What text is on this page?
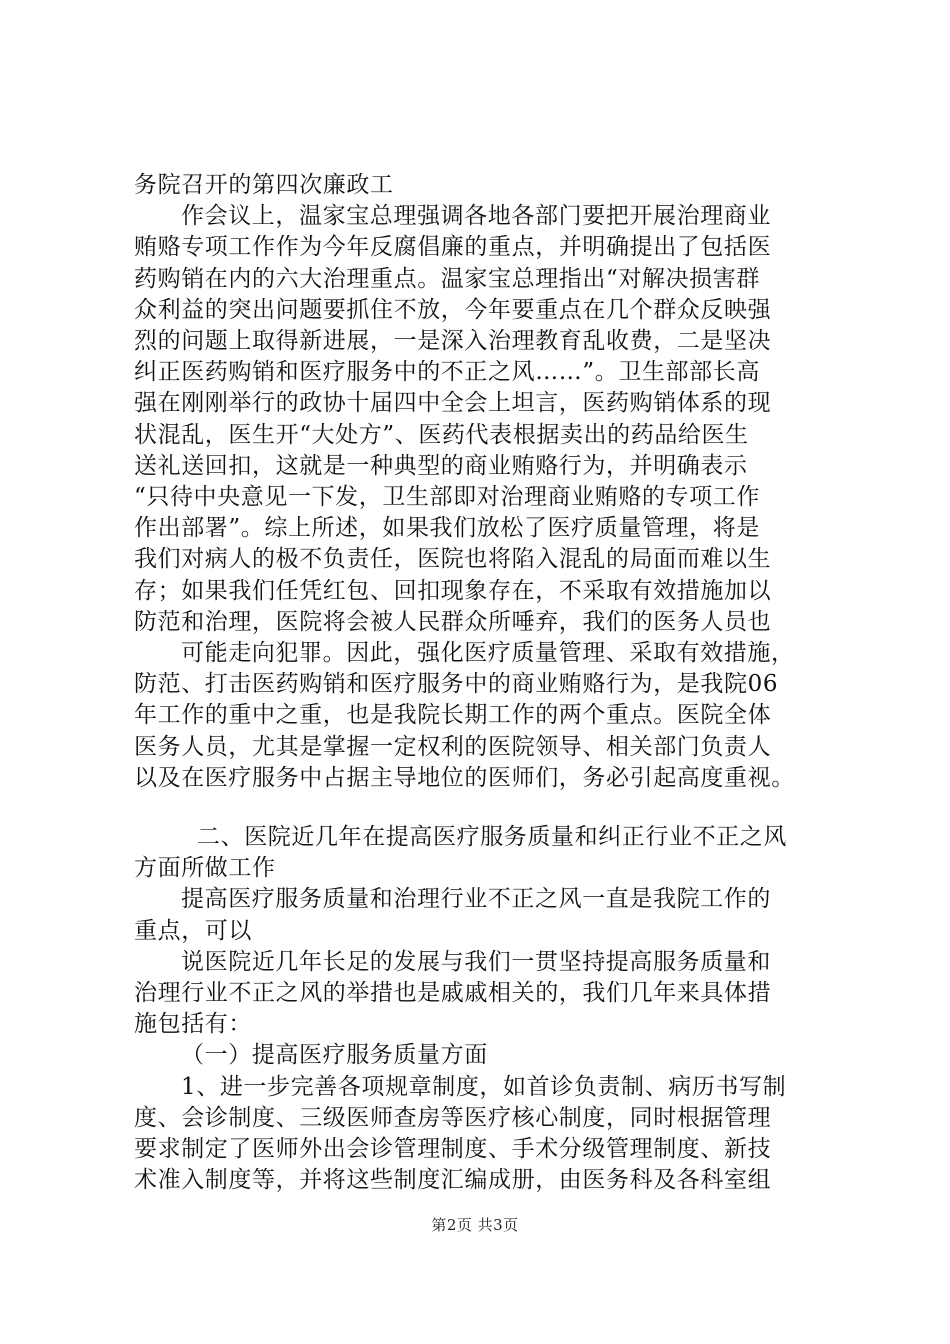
务院召开的第四次廉政工
作会议上，温家宝总理强调各地各部门要把开展治理商业
贿赂专项工作作为今年反腐倡廉的重点，并明确提出了包括医
药购销在内的六大治理重点。温家宝总理指出“对解决损害群
众利益的突出问题要抓住不放，今年要重点在几个群众反映强
烈的问题上取得新进展，一是深入治理教育乱收费，二是坚决
纠正医药购销和医疗服务中的不正之风……”。卫生部部长高
强在刚刚举行的政协十届四中全会上坦言，医药购销体系的现
状混乱，医生开“大处方”、医药代表根据卖出的药品给医生
送礼送回扣，这就是一种典型的商业贿赂行为，并明确表示
“只待中央意见一下发，卫生部即对治理商业贿赂的专项工作
作出部署”。综上所述，如果我们放松了医疗质量管理，将是
我们对病人的极不负责任，医院也将陷入混乱的局面而难以生
存；如果我们任凭红包、回扣现象存在，不采取有效措施加以
防范和治理，医院将会被人民群众所唾弃，我们的医务人员也
可能走向犯罪。因此，强化医疗质量管理、采取有效措施，
防范、打击医药购销和医疗服务中的商业贿赂行为，是我院06
年工作的重中之重，也是我院长期工作的两个重点。医院全体
医务人员，尤其是掌握一定权利的医院领导、相关部门负责人
以及在医疗服务中占据主导地位的医师们，务必引起高度重视。
二、医院近几年在提高医疗服务质量和纠正行业不正之风
方面所做工作
提高医疗服务质量和治理行业不正之风一直是我院工作的
重点，可以
说医院近几年长足的发展与我们一贯坚持提高服务质量和
治理行业不正之风的举措也是戚戚相关的，我们几年来具体措
施包括有：
（一）提高医疗服务质量方面
1、进一步完善各项规章制度，如首诊负责制、病历书写制
度、会诊制度、三级医师查房等医疗核心制度，同时根据管理
要求制定了医师外出会诊管理制度、手术分级管理制度、新技
术准入制度等，并将这些制度汇编成册，由医务科及各科室组
第2页 共3页
